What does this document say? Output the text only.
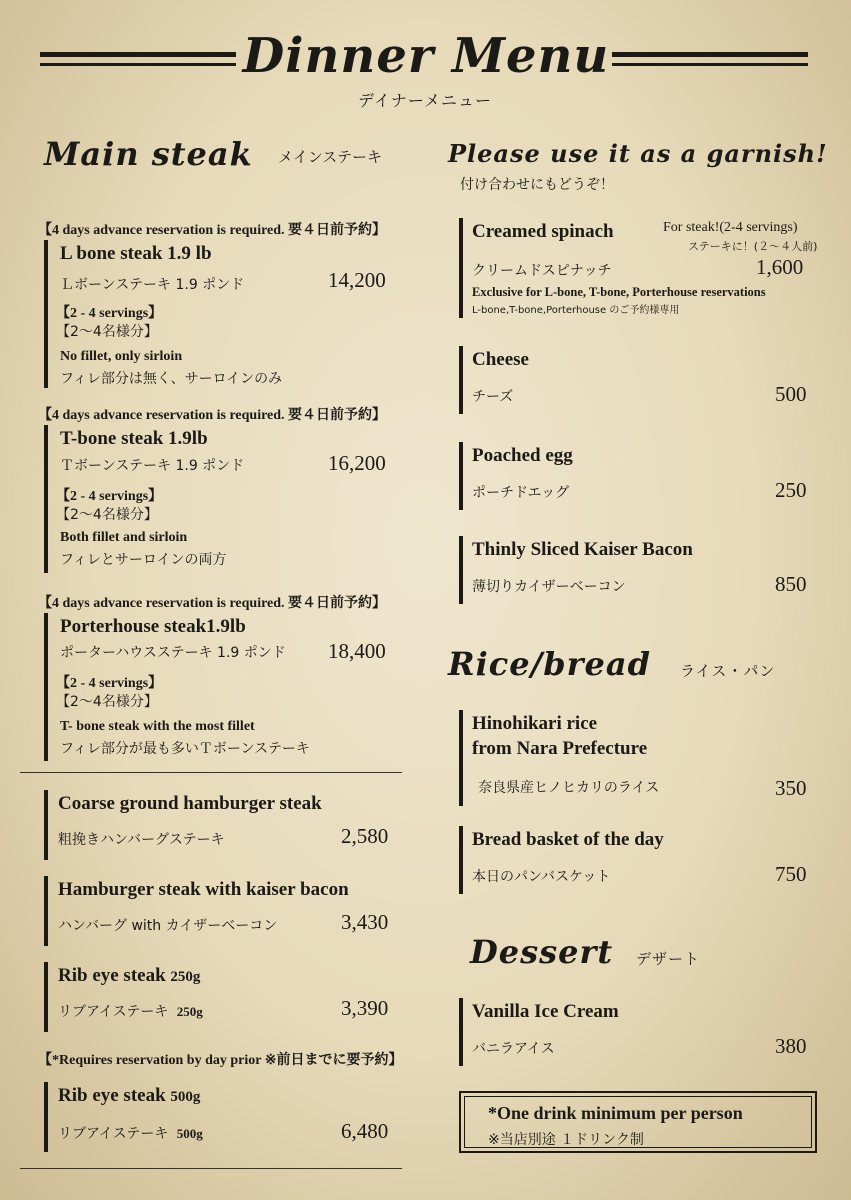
Dinner Menu
デイナーメニュー
Main steak メインステーキ
【4 days advance reservation is required. 要４日前予約】
L bone steak 1.9 lb
Ｌボーンステーキ 1.9 ポンド	14,200
【2 - 4 servings】
【2～4名様分】
No fillet, only sirloin
フィレ部分は無く、サーロインのみ
【4 days advance reservation is required. 要４日前予約】
T-bone steak 1.9lb
Ｔボーンステーキ 1.9 ポンド	16,200
【2 - 4 servings】
【2～4名様分】
Both fillet and sirloin
フィレとサーロインの両方
【4 days advance reservation is required. 要４日前予約】
Porterhouse steak1.9lb
ポーターハウスステーキ 1.9 ポンド 18,400
【2 - 4 servings】
【2～4名様分】
T- bone steak with the most fillet
フィレ部分が最も多いＴボーンステーキ
Coarse ground hamburger steak
粗挽きハンバーグステーキ	2,580
Hamburger steak with kaiser bacon
ハンバーグ with カイザーベーコン	3,430
Rib eye steak 250g
リブアイステーキ 250g	3,390
【*Requires reservation by day prior ※前日までに要予約】
Rib eye steak 500g
リブアイステーキ 500g	6,480
Please use it as a garnish!
付け合わせにもどうぞ！
Creamed spinach	For steak!(2-4 servings)
ステーキに！(２～４人前)
クリームドスピナッチ	1,600
Exclusive for L-bone, T-bone, Porterhouse reservations
L-bone,T-bone,Porterhouse のご予約様専用
Cheese
チーズ	500
Poached egg
ポーチドエッグ	250
Thinly Sliced Kaiser Bacon
薄切りカイザーベーコン	850
Rice/bread ライス・パン
Hinohikari rice
from Nara Prefecture
奈良県産ヒノヒカリのライス	350
Bread basket of the day
本日のパンバスケット	750
Dessert デザート
Vanilla Ice Cream
バニラアイス	380
*One drink minimum per person
※当店別途 １ドリンク制
